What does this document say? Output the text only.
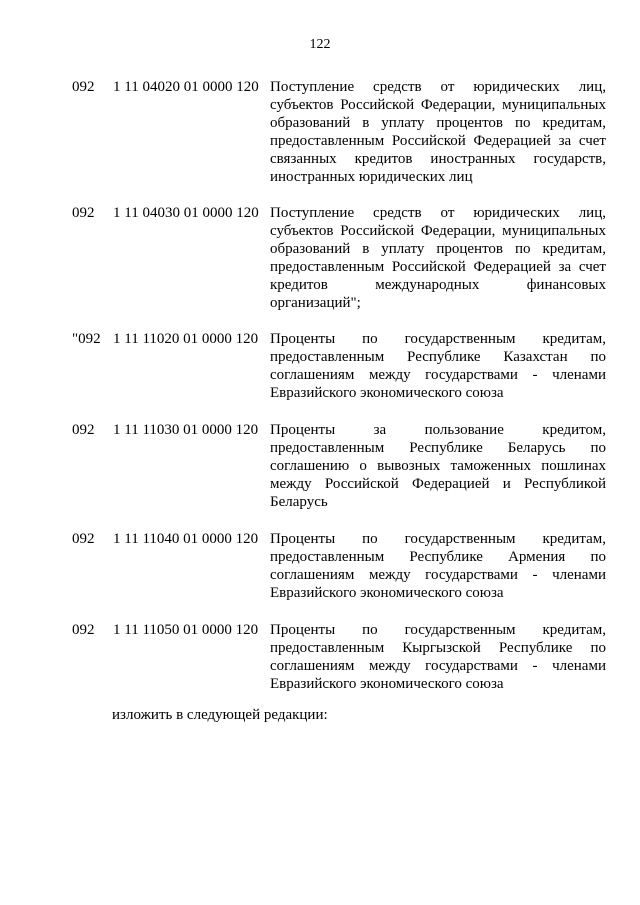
122
092 1 11 04020 01 0000 120 Поступление средств от юридических лиц, субъектов Российской Федерации, муниципальных образований в уплату процентов по кредитам, предоставленным Российской Федерацией за счет связанных кредитов иностранных государств, иностранных юридических лиц
092 1 11 04030 01 0000 120 Поступление средств от юридических лиц, субъектов Российской Федерации, муниципальных образований в уплату процентов по кредитам, предоставленным Российской Федерацией за счет кредитов международных финансовых организаций";
"092 1 11 11020 01 0000 120 Проценты по государственным кредитам, предоставленным Республике Казахстан по соглашениям между государствами - членами Евразийского экономического союза
092 1 11 11030 01 0000 120 Проценты за пользование кредитом, предоставленным Республике Беларусь по соглашению о вывозных таможенных пошлинах между Российской Федерацией и Республикой Беларусь
092 1 11 11040 01 0000 120 Проценты по государственным кредитам, предоставленным Республике Армения по соглашениям между государствами - членами Евразийского экономического союза
092 1 11 11050 01 0000 120 Проценты по государственным кредитам, предоставленным Кыргызской Республике по соглашениям между государствами - членами Евразийского экономического союза
изложить в следующей редакции:
